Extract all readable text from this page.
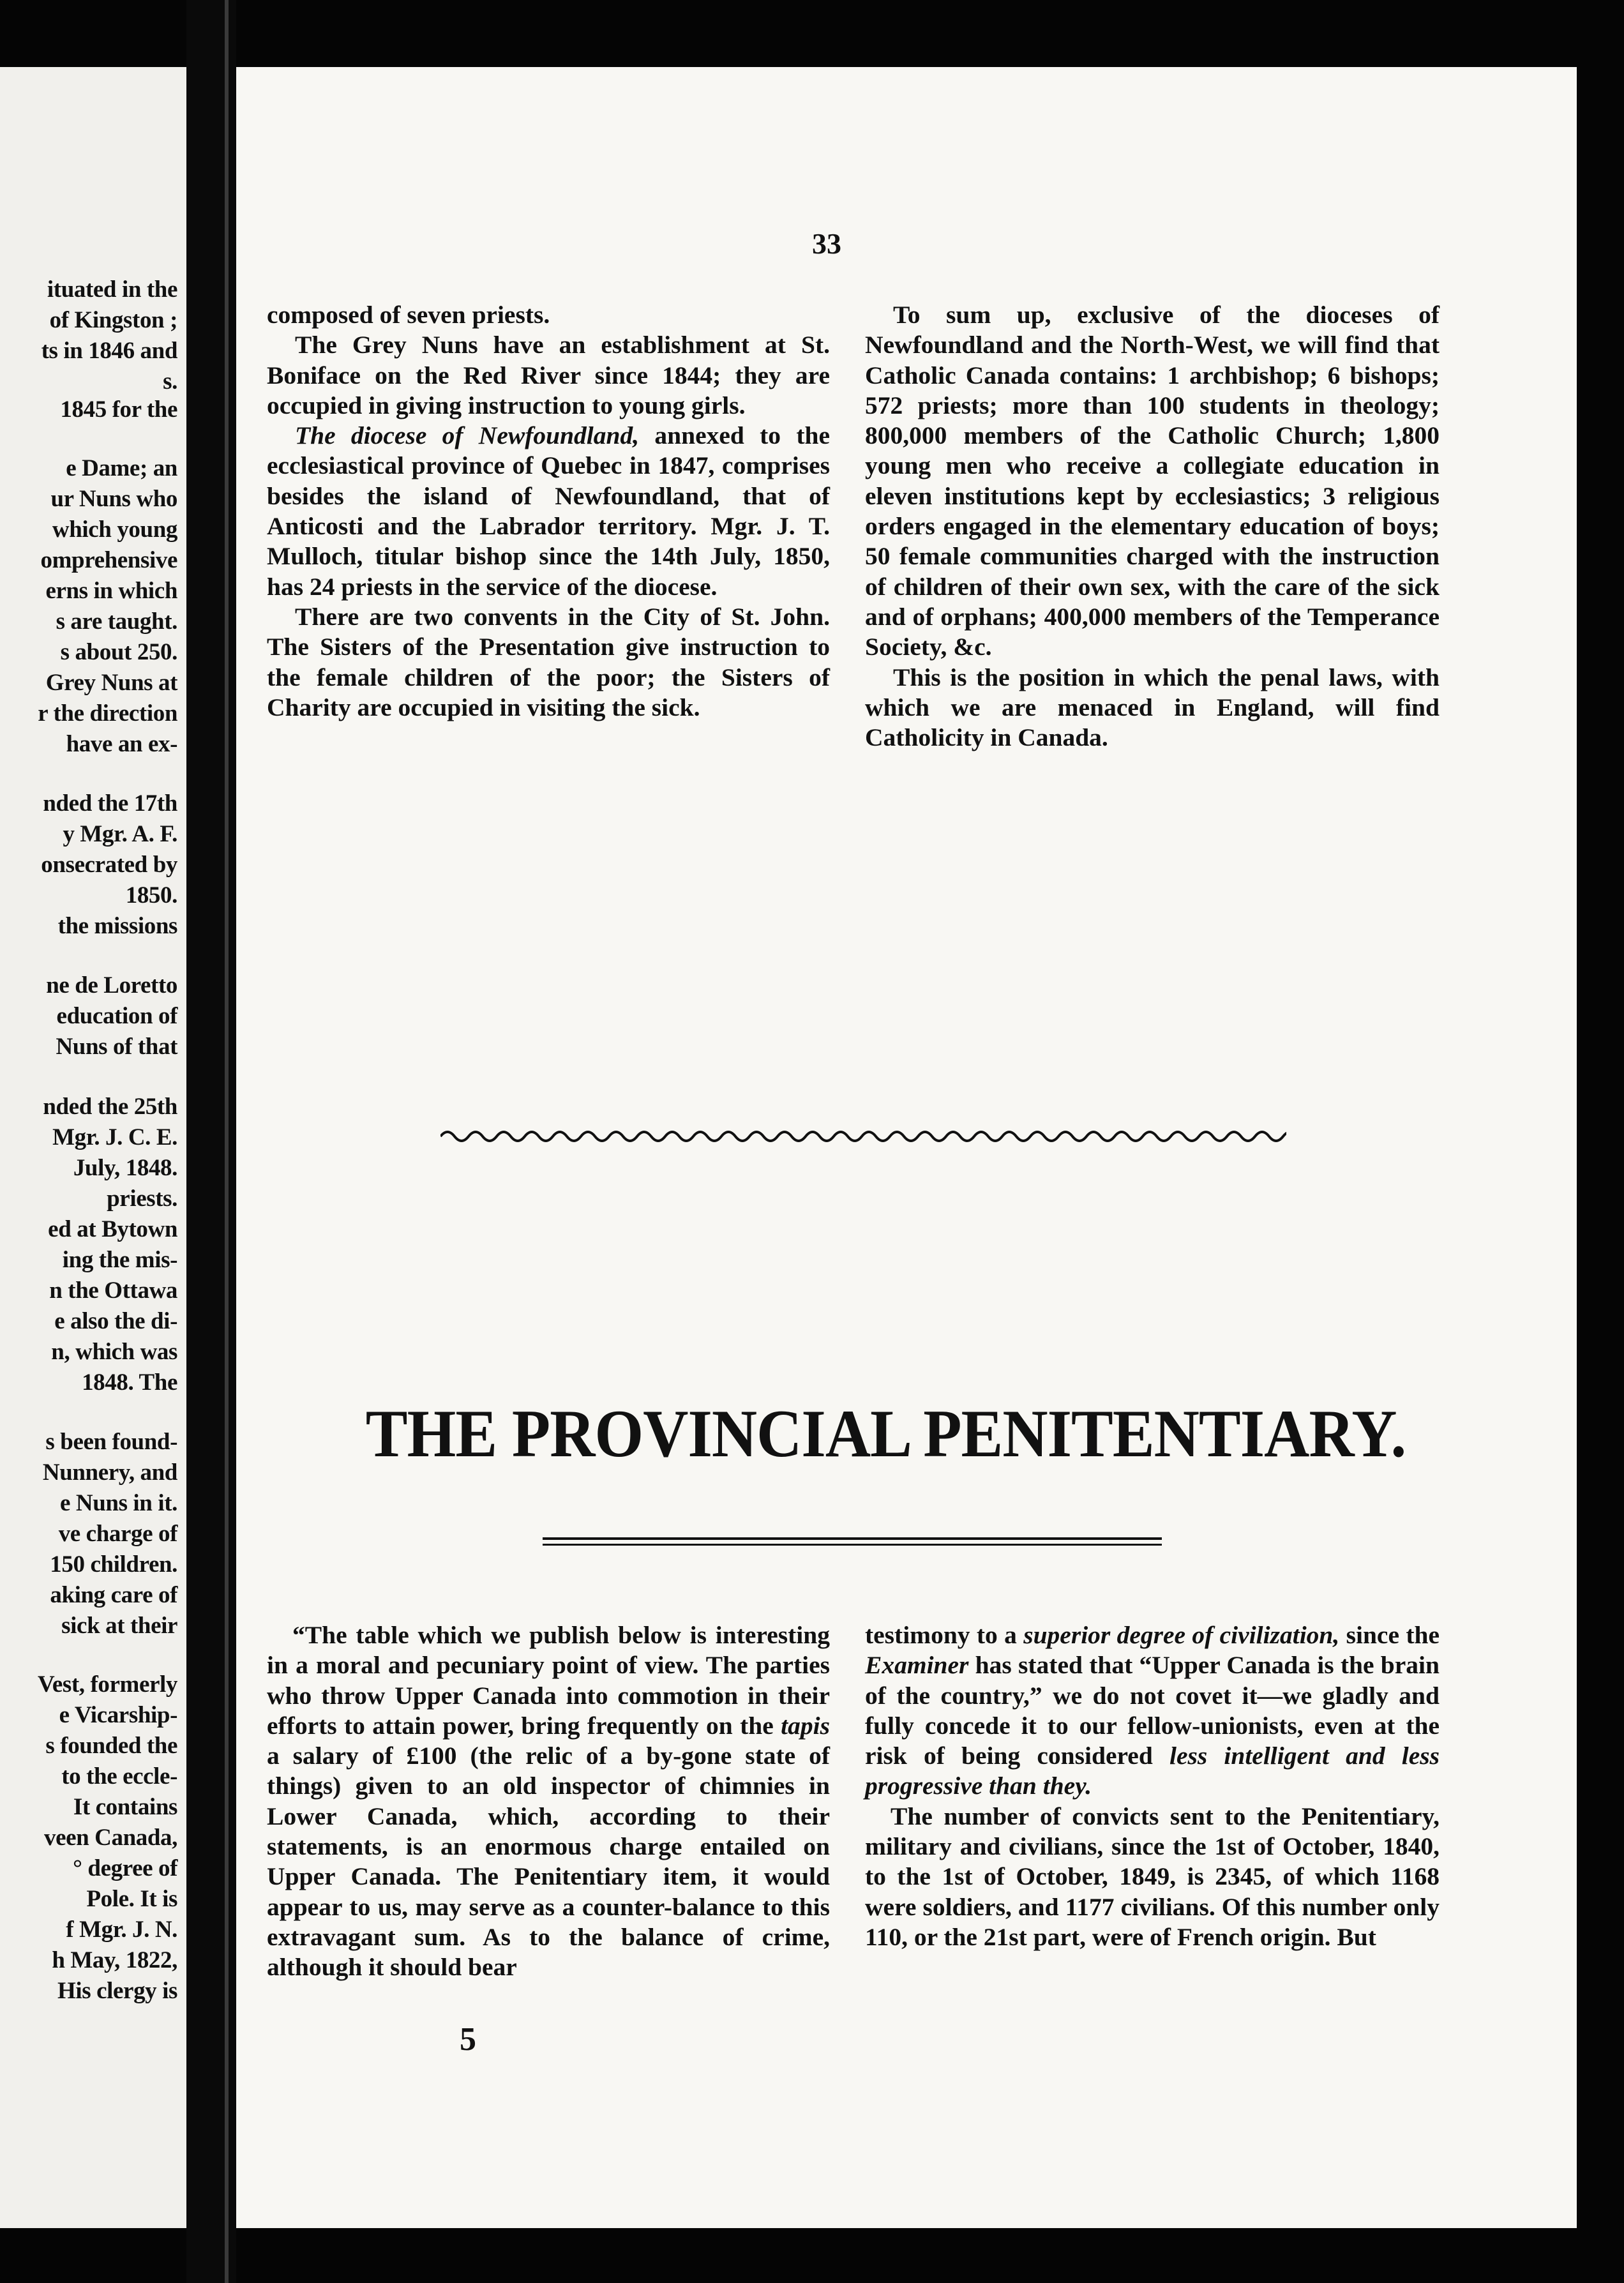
ituated in the
of Kingston ;
ts in 1846 and
s.
1845 for the
e Dame; an
ur Nuns who
which young
omprehensive
erns in which
s are taught.
s about 250.
Grey Nuns at
r the direction
have an ex-
nded the 17th
y Mgr. A. F.
onsecrated by
1850.
the missions
ne de Loretto
education of
Nuns of that
nded the 25th
Mgr. J. C. E.
July, 1848.
priests.
ed at Bytown
ing the mis-
n the Ottawa
e also the di-
n, which was
1848. The
s been found-
Nunnery, and
e Nuns in it.
ve charge of
150 children.
aking care of
sick at their
Vest, formerly
e Vicarship-
s founded the
to the eccle-
It contains
veen Canada,
° degree of
Pole. It is
f Mgr. J. N.
h May, 1822,
His clergy is
33

composed of seven priests.

The Grey Nuns have an establishment at St. Boniface on the Red River since 1844; they are occupied in giving instruction to young girls.

The diocese of Newfoundland, annexed to the ecclesiastical province of Quebec in 1847, comprises besides the island of Newfoundland, that of Anticosti and the Labrador territory. Mgr. J. T. Mulloch, titular bishop since the 14th July, 1850, has 24 priests in the service of the diocese.

There are two convents in the City of St. John. The Sisters of the Presentation give instruction to the female children of the poor; the Sisters of Charity are occupied in visiting the sick.

To sum up, exclusive of the dioceses of Newfoundland and the North-West, we will find that Catholic Canada contains: 1 archbishop; 6 bishops; 572 priests; more than 100 students in theology; 800,000 members of the Catholic Church; 1,800 young men who receive a collegiate education in eleven institutions kept by ecclesiastics; 3 religious orders engaged in the elementary education of boys; 50 female communities charged with the instruction of children of their own sex, with the care of the sick and of orphans; 400,000 members of the Temperance Society, &c.

This is the position in which the penal laws, with which we are menaced in England, will find Catholicity in Canada.

THE PROVINCIAL PENITENTIARY.

“The table which we publish below is interesting in a moral and pecuniary point of view. The parties who throw Upper Canada into commotion in their efforts to attain power, bring frequently on the tapis a salary of £100 (the relic of a by-gone state of things) given to an old inspector of chimnies in Lower Canada, which, according to their statements, is an enormous charge entailed on Upper Canada. The Penitentiary item, it would appear to us, may serve as a counter-balance to this extravagant sum. As to the balance of crime, although it should bear

testimony to a superior degree of civilization, since the Examiner has stated that “Upper Canada is the brain of the country,” we do not covet it—we gladly and fully concede it to our fellow-unionists, even at the risk of being considered less intelligent and less progressive than they.

The number of convicts sent to the Penitentiary, military and civilians, since the 1st of October, 1840, to the 1st of October, 1849, is 2345, of which 1168 were soldiers, and 1177 civilians. Of this number only 110, or the 21st part, were of French origin. But

5
